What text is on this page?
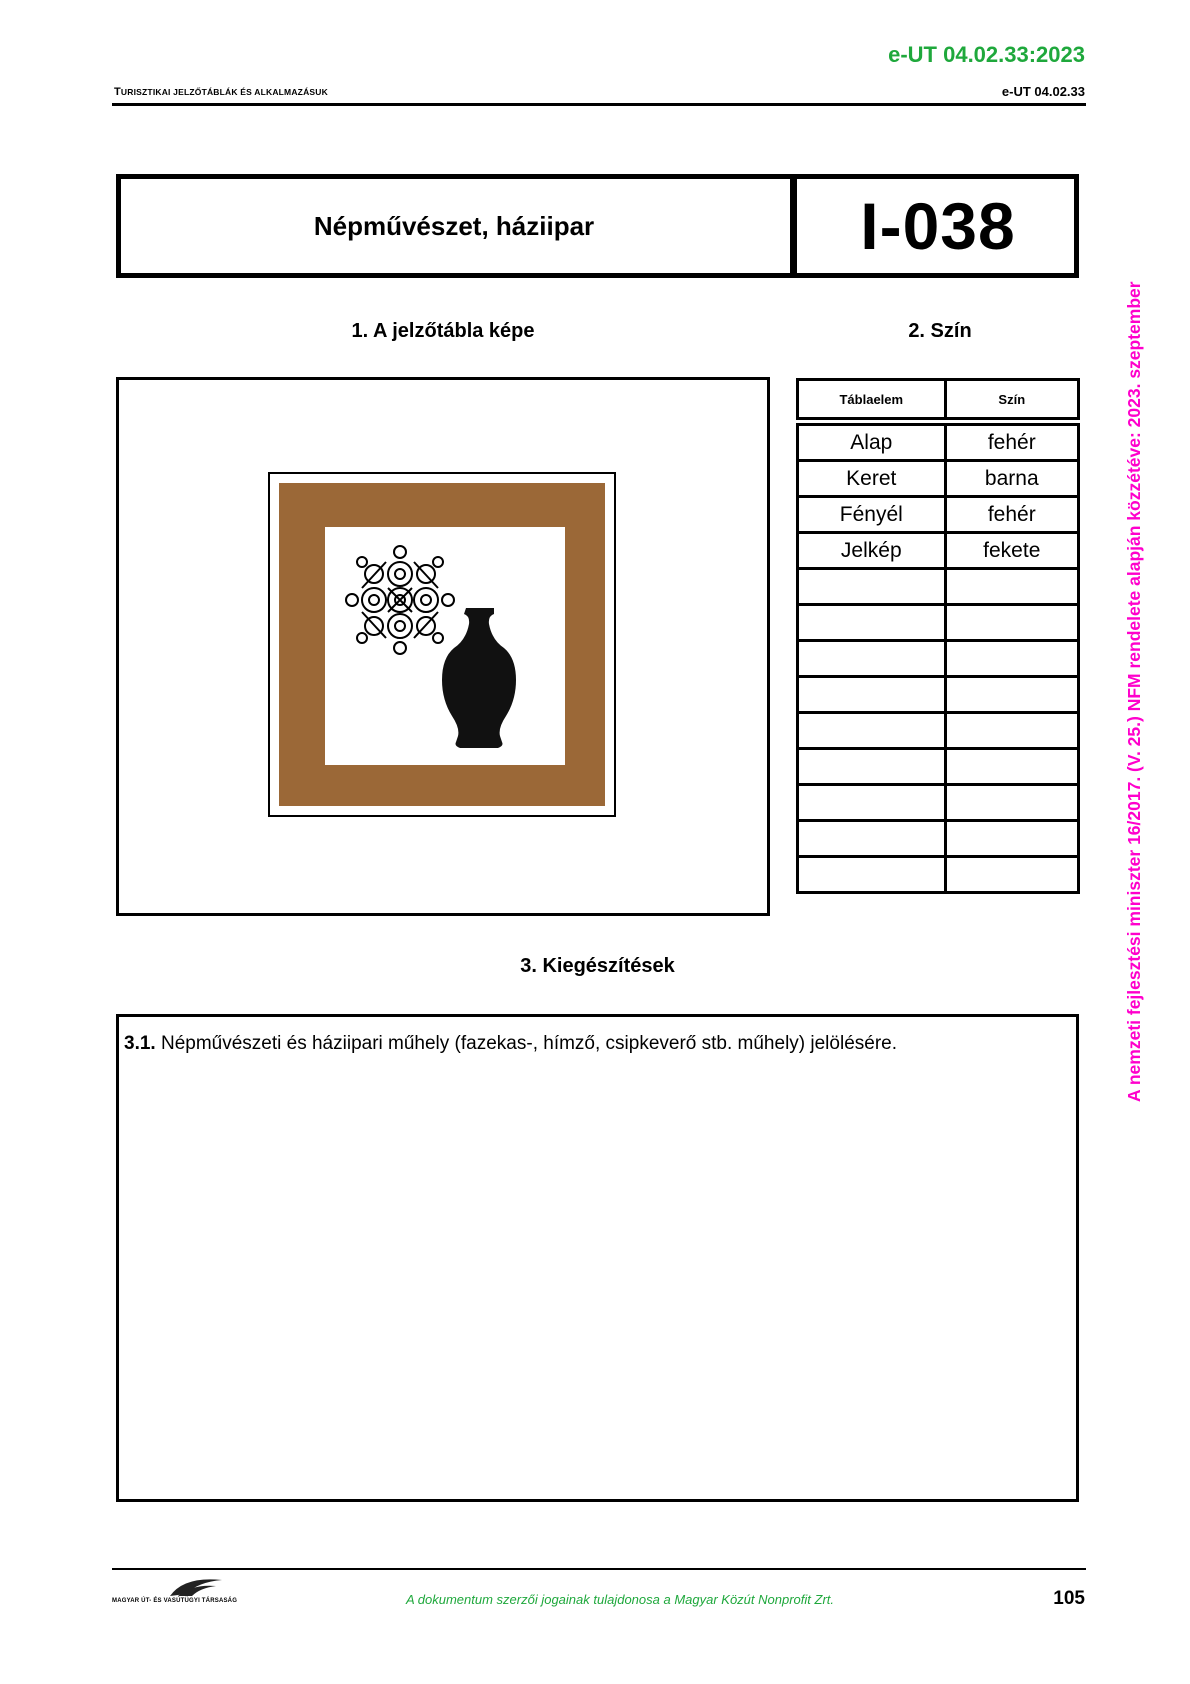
e-UT 04.02.33:2023
TURISZTIKAI JELZŐTÁBLÁK ÉS ALKALMAZÁSUK	e-UT 04.02.33
Népművészet, háziipar	I-038
1. A jelzőtábla képe	2. Szín
Táblaelem	Szín

Alap	fehér
Keret	barna
Fényél	fehér
Jelkép	fekete

3. Kiegészítések
3.1. Népművészeti és háziipari műhely (fazekas-, hímző, csipkeverő stb. műhely) jelölésére.	A nemzeti fejlesztési miniszter 16/2017. (V. 25.) NFM rendelete alapján közzétéve: 2023. szeptember
MAGYAR ÚT- ÉS VASÚTÜGYI TÁRSASÁG	A dokumentum szerzői jogainak tulajdonosa a Magyar Közút Nonprofit Zrt.	105
